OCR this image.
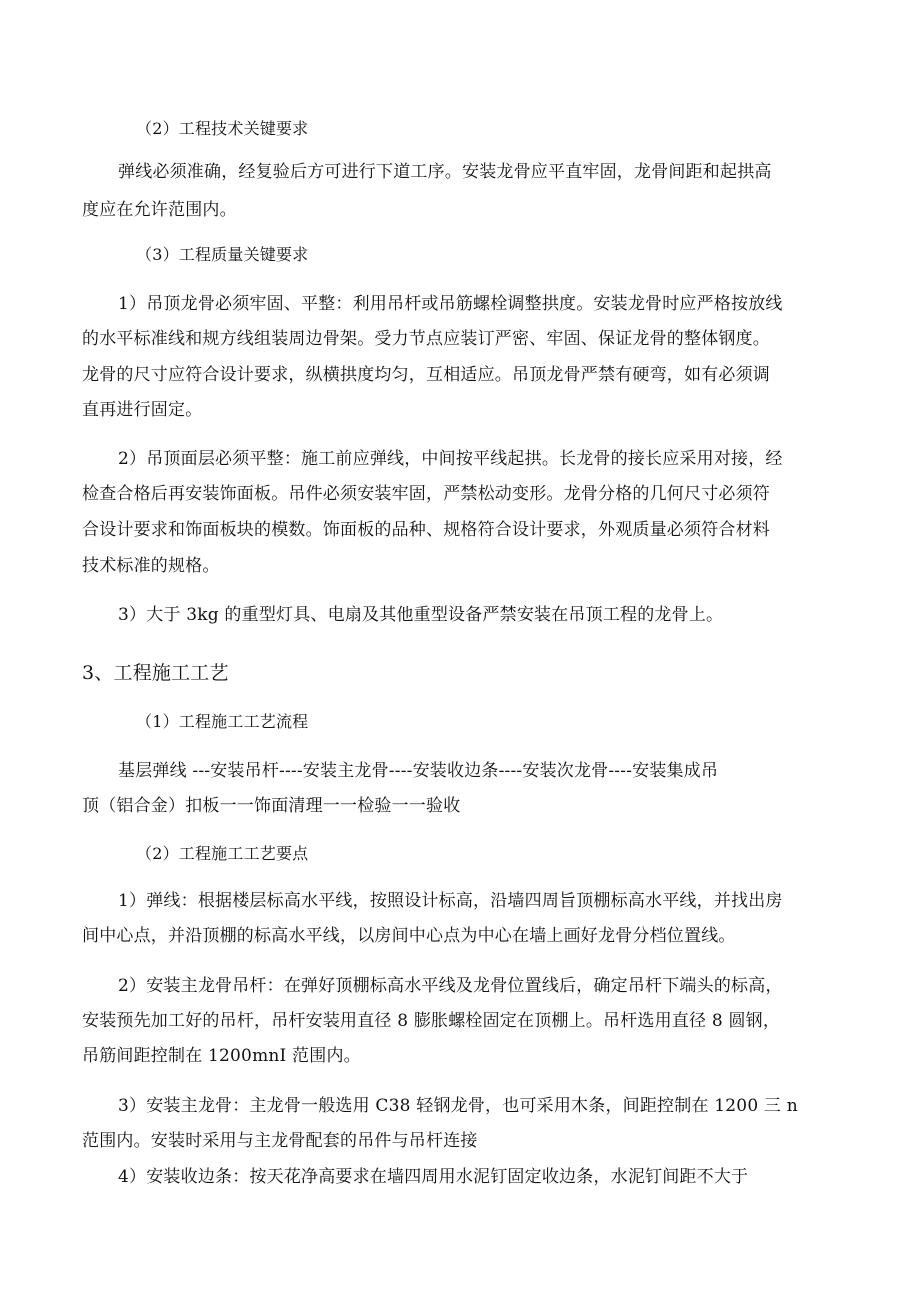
（2）工程技术关键要求

弹线必须准确，经复验后方可进行下道工序。安装龙骨应平直牢固，龙骨间距和起拱高

度应在允许范围内。

（3）工程质量关键要求

1）吊顶龙骨必须牢固、平整：利用吊杆或吊筋螺栓调整拱度。安装龙骨时应严格按放线

的水平标准线和规方线组装周边骨架。受力节点应装订严密、牢固、保证龙骨的整体钢度。

龙骨的尺寸应符合设计要求，纵横拱度均匀，互相适应。吊顶龙骨严禁有硬弯，如有必须调

直再进行固定。

2）吊顶面层必须平整：施工前应弹线，中间按平线起拱。长龙骨的接长应采用对接，经

检查合格后再安装饰面板。吊件必须安装牢固，严禁松动变形。龙骨分格的几何尺寸必须符

合设计要求和饰面板块的模数。饰面板的品种、规格符合设计要求，外观质量必须符合材料

技术标准的规格。

3）大于 3kg 的重型灯具、电扇及其他重型设备严禁安装在吊顶工程的龙骨上。

3、工程施工工艺

（1）工程施工工艺流程

基层弹线 ---安装吊杆----安装主龙骨----安装收边条----安装次龙骨----安装集成吊

顶（铝合金）扣板一一饰面清理一一检验一一验收

（2）工程施工工艺要点

1）弹线：根据楼层标高水平线，按照设计标高，沿墙四周旨顶棚标高水平线，并找出房

间中心点，并沿顶棚的标高水平线，以房间中心点为中心在墙上画好龙骨分档位置线。

2）安装主龙骨吊杆：在弹好顶棚标高水平线及龙骨位置线后，确定吊杆下端头的标高，

安装预先加工好的吊杆，吊杆安装用直径 8 膨胀螺栓固定在顶棚上。吊杆选用直径 8 圆钢，

吊筋间距控制在 1200mnI 范围内。

3）安装主龙骨：主龙骨一般选用 C38 轻钢龙骨，也可采用木条，间距控制在 1200 三 n

范围内。安装时采用与主龙骨配套的吊件与吊杆连接

4）安装收边条：按天花净高要求在墙四周用水泥钉固定收边条，水泥钉间距不大于
